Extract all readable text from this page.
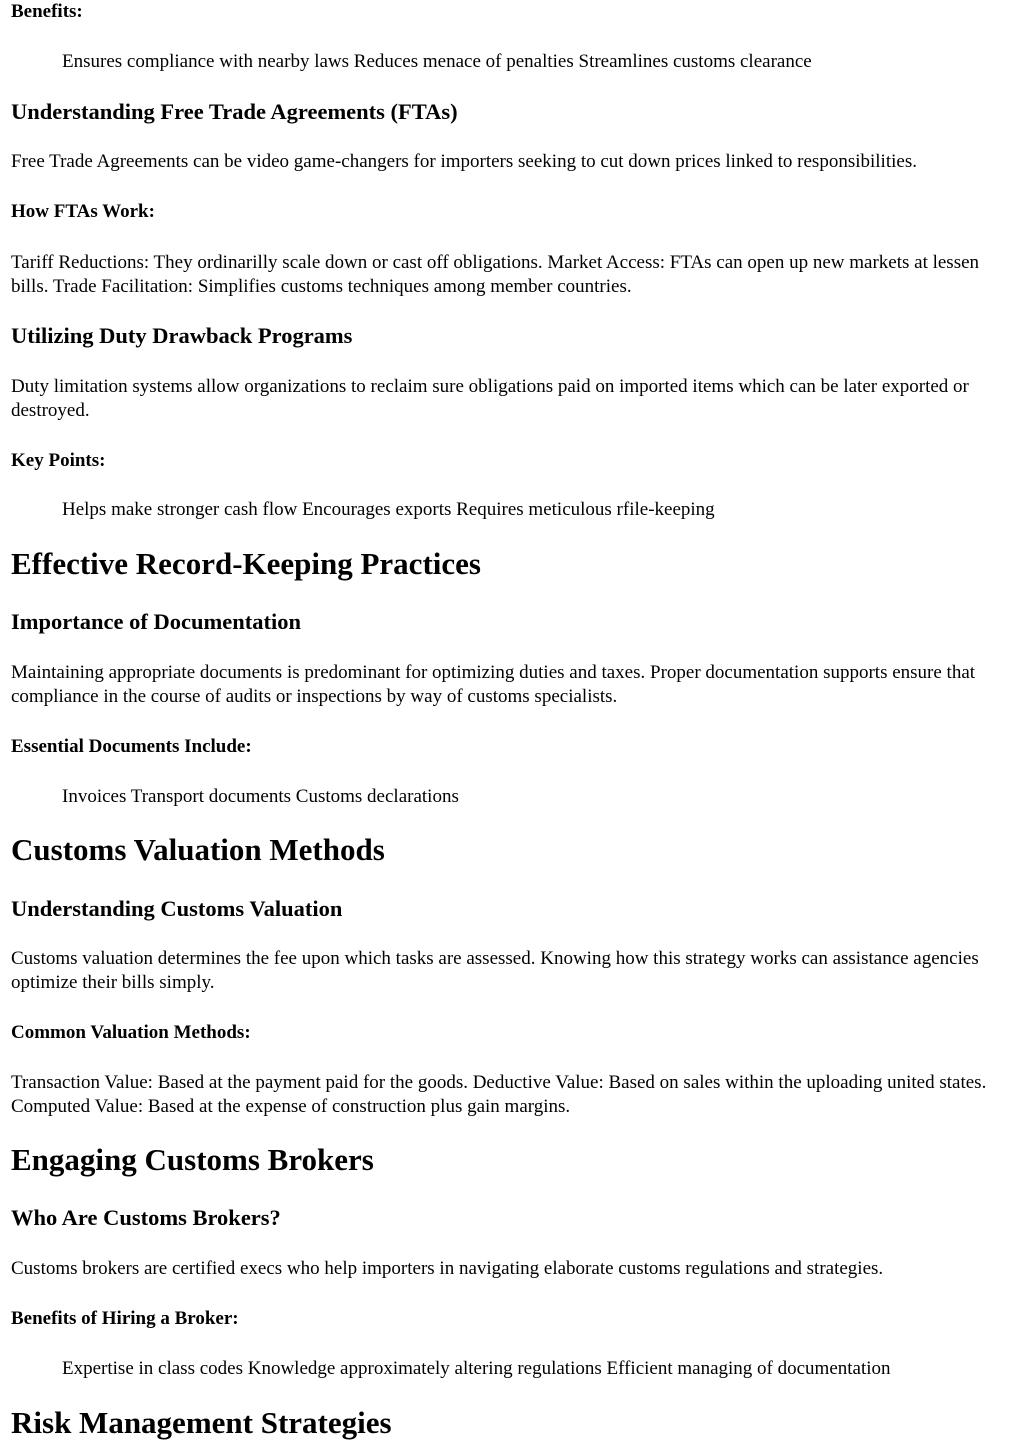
Benefits:
Ensures compliance with nearby laws Reduces menace of penalties Streamlines customs clearance
Understanding Free Trade Agreements (FTAs)
Free Trade Agreements can be video game-changers for importers seeking to cut down prices linked to responsibilities.
How FTAs Work:
Tariff Reductions: They ordinarilly scale down or cast off obligations. Market Access: FTAs can open up new markets at lessen bills. Trade Facilitation: Simplifies customs techniques among member countries.
Utilizing Duty Drawback Programs
Duty limitation systems allow organizations to reclaim sure obligations paid on imported items which can be later exported or destroyed.
Key Points:
Helps make stronger cash flow Encourages exports Requires meticulous rfile-keeping
Effective Record-Keeping Practices
Importance of Documentation
Maintaining appropriate documents is predominant for optimizing duties and taxes. Proper documentation supports ensure that compliance in the course of audits or inspections by way of customs specialists.
Essential Documents Include:
Invoices Transport documents Customs declarations
Customs Valuation Methods
Understanding Customs Valuation
Customs valuation determines the fee upon which tasks are assessed. Knowing how this strategy works can assistance agencies optimize their bills simply.
Common Valuation Methods:
Transaction Value: Based at the payment paid for the goods. Deductive Value: Based on sales within the uploading united states. Computed Value: Based at the expense of construction plus gain margins.
Engaging Customs Brokers
Who Are Customs Brokers?
Customs brokers are certified execs who help importers in navigating elaborate customs regulations and strategies.
Benefits of Hiring a Broker:
Expertise in class codes Knowledge approximately altering regulations Efficient managing of documentation
Risk Management Strategies
